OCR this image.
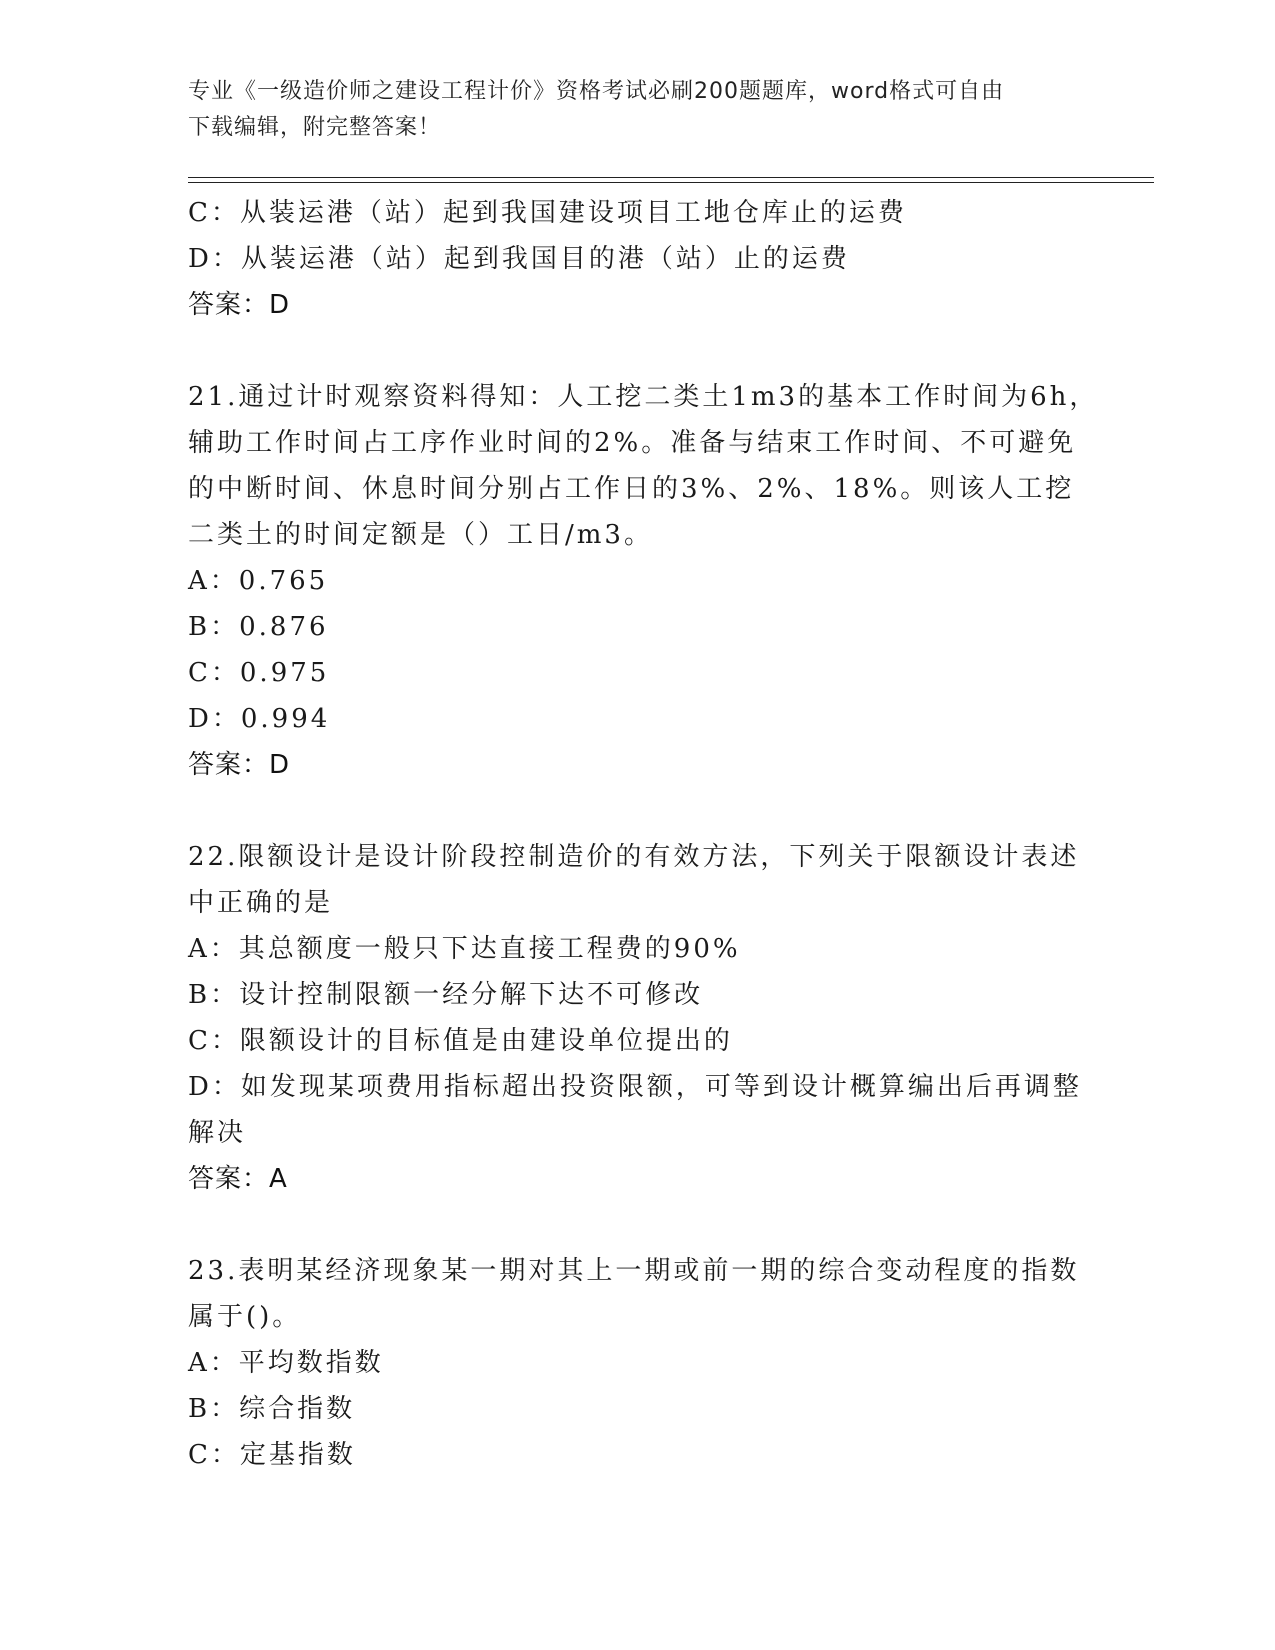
专业《一级造价师之建设工程计价》资格考试必刷200题题库，word格式可自由
下载编辑，附完整答案！
C：从装运港（站）起到我国建设项目工地仓库止的运费
D：从装运港（站）起到我国目的港（站）止的运费
答案：D
21.通过计时观察资料得知：人工挖二类土1m3的基本工作时间为6h，
辅助工作时间占工序作业时间的2%。准备与结束工作时间、不可避免
的中断时间、休息时间分别占工作日的3%、2%、18%。则该人工挖
二类土的时间定额是（）工日/m3。
A：0.765
B：0.876
C：0.975
D：0.994
答案：D
22.限额设计是设计阶段控制造价的有效方法，下列关于限额设计表述
中正确的是
A：其总额度一般只下达直接工程费的90%
B：设计控制限额一经分解下达不可修改
C：限额设计的目标值是由建设单位提出的
D：如发现某项费用指标超出投资限额，可等到设计概算编出后再调整
解决
答案：A
23.表明某经济现象某一期对其上一期或前一期的综合变动程度的指数
属于()。
A：平均数指数
B：综合指数
C：定基指数
